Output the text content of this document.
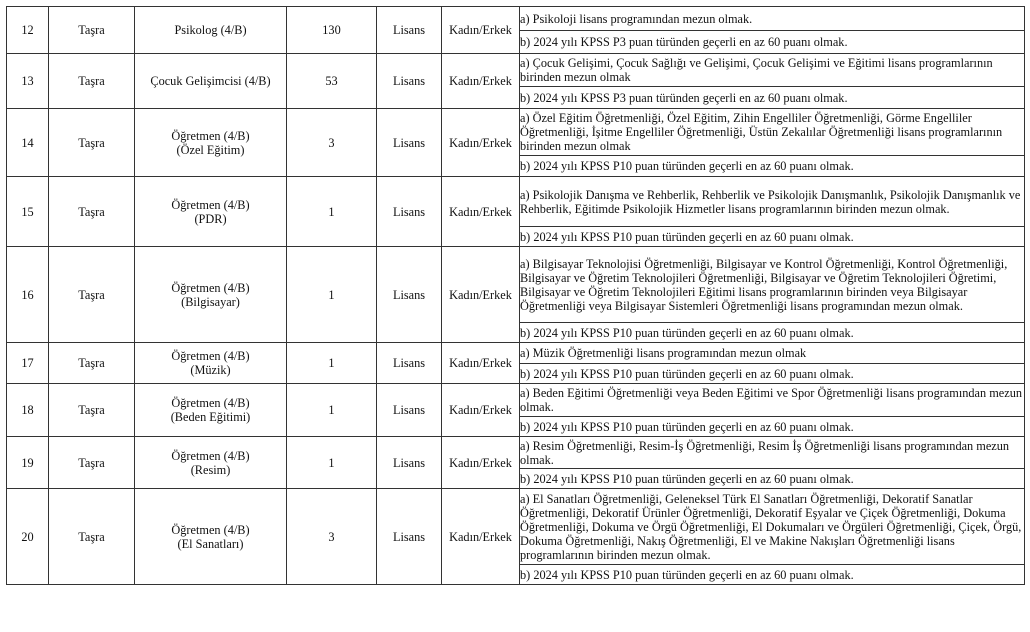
12	Taşra	Psikolog (4/B)	130	Lisans	Kadın/Erkek	a) Psikoloji lisans programından mezun olmak.
						b) 2024 yılı KPSS P3 puan türünden geçerli en az 60 puanı olmak.
13	Taşra	Çocuk Gelişimcisi (4/B)	53	Lisans	Kadın/Erkek	a) Çocuk Gelişimi, Çocuk Sağlığı ve Gelişimi, Çocuk Gelişimi ve Eğitimi lisans programlarının birinden mezun olmak
						b) 2024 yılı KPSS P3 puan türünden geçerli en az 60 puanı olmak.
14	Taşra	Öğretmen (4/B)
(Özel Eğitim)	3	Lisans	Kadın/Erkek	a) Özel Eğitim Öğretmenliği, Özel Eğitim, Zihin Engelliler Öğretmenliği, Görme Engelliler Öğretmenliği, İşitme Engelliler Öğretmenliği, Üstün Zekalılar Öğretmenliği lisans programlarının birinden mezun olmak
						b) 2024 yılı KPSS P10 puan türünden geçerli en az 60 puanı olmak.
15	Taşra	Öğretmen (4/B)
(PDR)	1	Lisans	Kadın/Erkek	a) Psikolojik Danışma ve Rehberlik, Rehberlik ve Psikolojik Danışmanlık, Psikolojik Danışmanlık ve Rehberlik, Eğitimde Psikolojik Hizmetler lisans programlarının birinden mezun olmak.
						b) 2024 yılı KPSS P10 puan türünden geçerli en az 60 puanı olmak.
16	Taşra	Öğretmen (4/B)
(Bilgisayar)	1	Lisans	Kadın/Erkek	a) Bilgisayar Teknolojisi Öğretmenliği, Bilgisayar ve Kontrol Öğretmenliği, Kontrol Öğretmenliği, Bilgisayar ve Öğretim Teknolojileri Öğretmenliği, Bilgisayar ve Öğretim Teknolojileri Öğretimi, Bilgisayar ve Öğretim Teknolojileri Eğitimi lisans programlarının birinden veya Bilgisayar Öğretmenliği veya Bilgisayar Sistemleri Öğretmenliği lisans programından mezun olmak.
						b) 2024 yılı KPSS P10 puan türünden geçerli en az 60 puanı olmak.
17	Taşra	Öğretmen (4/B)
(Müzik)	1	Lisans	Kadın/Erkek	a) Müzik Öğretmenliği lisans programından mezun olmak
						b) 2024 yılı KPSS P10 puan türünden geçerli en az 60 puanı olmak.
18	Taşra	Öğretmen (4/B)
(Beden Eğitimi)	1	Lisans	Kadın/Erkek	a) Beden Eğitimi Öğretmenliği veya Beden Eğitimi ve Spor Öğretmenliği lisans programından mezun olmak.
						b) 2024 yılı KPSS P10 puan türünden geçerli en az 60 puanı olmak.
19	Taşra	Öğretmen (4/B)
(Resim)	1	Lisans	Kadın/Erkek	a) Resim Öğretmenliği, Resim-İş Öğretmenliği, Resim İş Öğretmenliği lisans programından mezun olmak.
						b) 2024 yılı KPSS P10 puan türünden geçerli en az 60 puanı olmak.
20	Taşra	Öğretmen (4/B)
(El Sanatları)	3	Lisans	Kadın/Erkek	a) El Sanatları Öğretmenliği, Geleneksel Türk El Sanatları Öğretmenliği, Dekoratif Sanatlar Öğretmenliği, Dekoratif Ürünler Öğretmenliği, Dekoratif Eşyalar ve Çiçek Öğretmenliği, Dokuma Öğretmenliği, Dokuma ve Örgü Öğretmenliği, El Dokumaları ve Örgüleri Öğretmenliği, Çiçek, Örgü, Dokuma Öğretmenliği, Nakış Öğretmenliği, El ve Makine Nakışları Öğretmenliği lisans programlarının birinden mezun olmak.
						b) 2024 yılı KPSS P10 puan türünden geçerli en az 60 puanı olmak.
